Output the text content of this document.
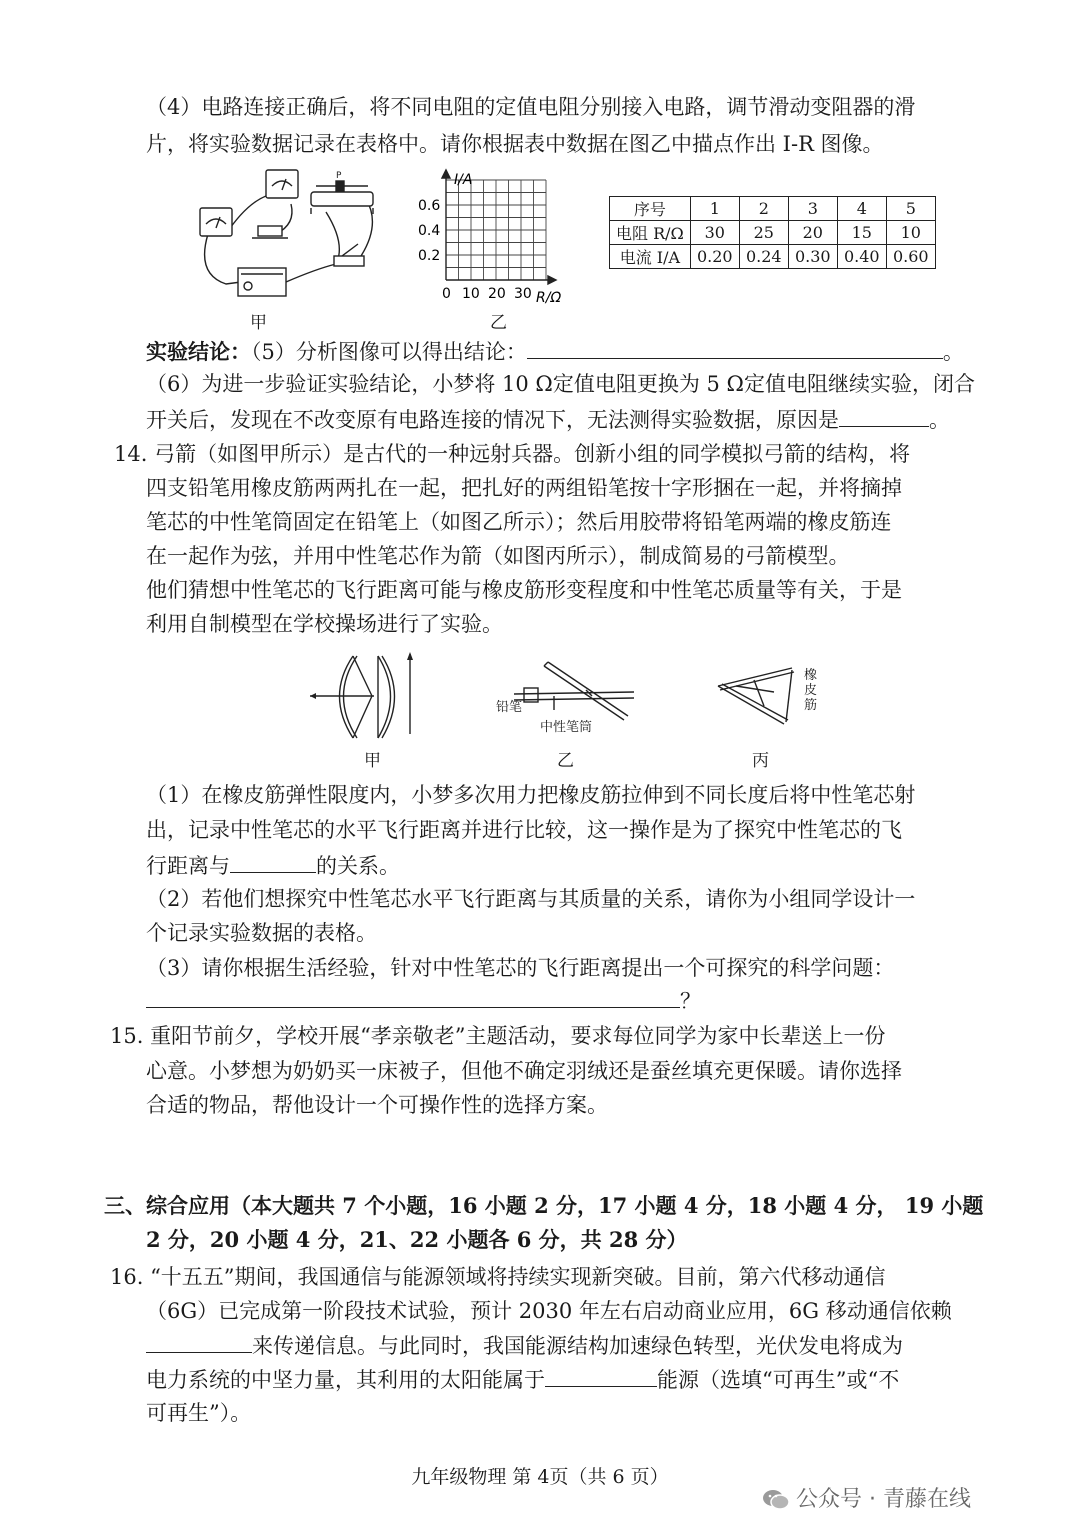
（4）电路连接正确后，将不同电阻的定值电阻分别接入电路，调节滑动变阻器的滑
片，将实验数据记录在表格中。请你根据表中数据在图乙中描点作出 I-R 图像。
P
甲
I/A
0.6
0.4
0.2
0 10 20 30 R/Ω
乙
序号	1	2	3	4	5
电阻 R/Ω	30	25	20	15	10
电流 I/A	0.20	0.24	0.30	0.40	0.60
实验结论：（5）分析图像可以得出结论：	。
（6）为进一步验证实验结论，小梦将 10 Ω定值电阻更换为 5 Ω定值电阻继续实验，闭合
开关后，发现在不改变原有电路连接的情况下，无法测得实验数据，原因是	。
14. 弓箭（如图甲所示）是古代的一种远射兵器。创新小组的同学模拟弓箭的结构，将
四支铅笔用橡皮筋两两扎在一起，把扎好的两组铅笔按十字形捆在一起，并将摘掉
笔芯的中性笔筒固定在铅笔上（如图乙所示）；然后用胶带将铅笔两端的橡皮筋连
在一起作为弦，并用中性笔芯作为箭（如图丙所示），制成简易的弓箭模型。
他们猜想中性笔芯的飞行距离可能与橡皮筋形变程度和中性笔芯质量等有关，于是
利用自制模型在学校操场进行了实验。
甲
铅笔
中性笔筒
乙
橡皮筋
丙
（1）在橡皮筋弹性限度内，小梦多次用力把橡皮筋拉伸到不同长度后将中性笔芯射
出，记录中性笔芯的水平飞行距离并进行比较，这一操作是为了探究中性笔芯的飞
行距离与	的关系。
（2）若他们想探究中性笔芯水平飞行距离与其质量的关系，请你为小组同学设计一
个记录实验数据的表格。
（3）请你根据生活经验，针对中性笔芯的飞行距离提出一个可探究的科学问题：
？
15. 重阳节前夕，学校开展“孝亲敬老”主题活动，要求每位同学为家中长辈送上一份
心意。小梦想为奶奶买一床被子，但他不确定羽绒还是蚕丝填充更保暖。请你选择
合适的物品，帮他设计一个可操作性的选择方案。
三、综合应用（本大题共 7 个小题，16 小题 2 分，17 小题 4 分，18 小题 4 分， 19 小题
2 分，20 小题 4 分，21、22 小题各 6 分，共 28 分）
16. “十五五”期间，我国通信与能源领域将持续实现新突破。目前，第六代移动通信
（6G）已完成第一阶段技术试验，预计 2030 年左右启动商业应用，6G 移动通信依赖
来传递信息。与此同时，我国能源结构加速绿色转型，光伏发电将成为
电力系统的中坚力量，其利用的太阳能属于	能源（选填“可再生”或“不
可再生”）。
九年级物理 第 4页（共 6 页）
公众号 · 青藤在线
